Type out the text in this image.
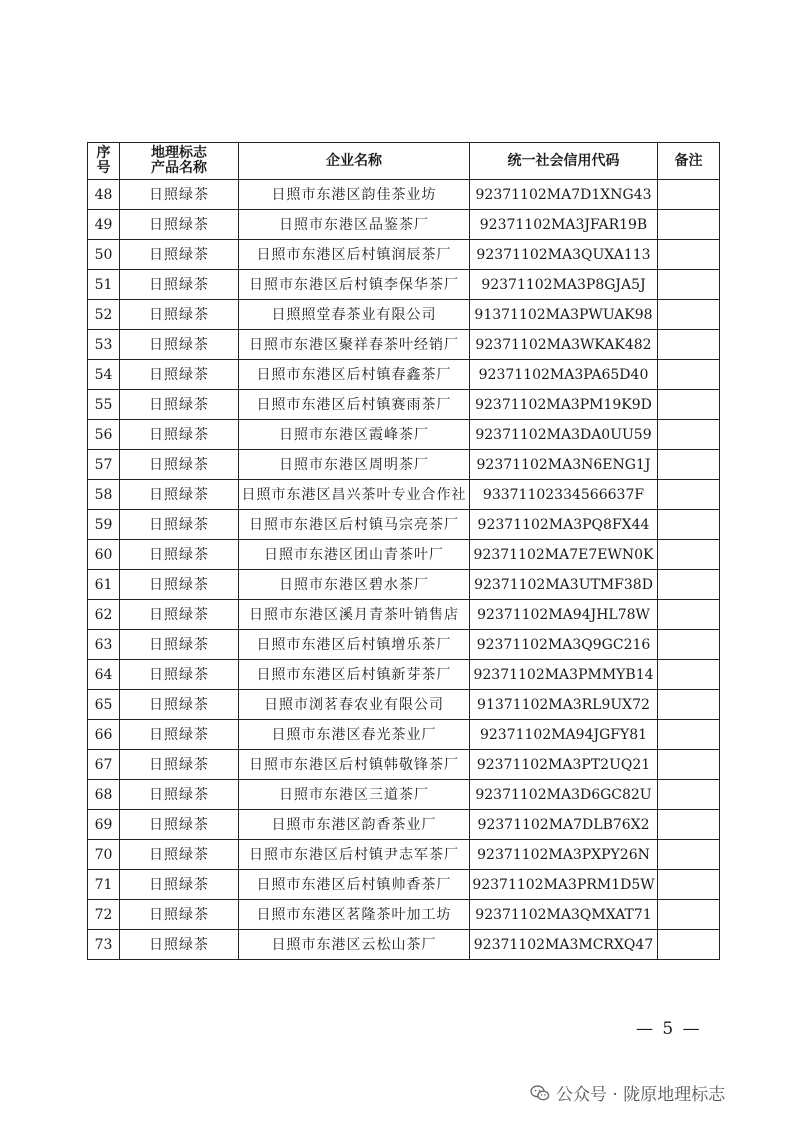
序号	地理标志产品名称	企业名称	统一社会信用代码	备注
48	日照绿茶	日照市东港区韵佳茶业坊	92371102MA7D1XNG43	
49	日照绿茶	日照市东港区品鉴茶厂	92371102MA3JFAR19B	
50	日照绿茶	日照市东港区后村镇润辰茶厂	92371102MA3QUXA113	
51	日照绿茶	日照市东港区后村镇李保华茶厂	92371102MA3P8GJA5J	
52	日照绿茶	日照照堂春茶业有限公司	91371102MA3PWUAK98	
53	日照绿茶	日照市东港区聚祥春茶叶经销厂	92371102MA3WKAK482	
54	日照绿茶	日照市东港区后村镇春鑫茶厂	92371102MA3PA65D40	
55	日照绿茶	日照市东港区后村镇赛雨茶厂	92371102MA3PM19K9D	
56	日照绿茶	日照市东港区霞峰茶厂	92371102MA3DA0UU59	
57	日照绿茶	日照市东港区周明茶厂	92371102MA3N6ENG1J	
58	日照绿茶	日照市东港区昌兴茶叶专业合作社	93371102334566637F	
59	日照绿茶	日照市东港区后村镇马宗亮茶厂	92371102MA3PQ8FX44	
60	日照绿茶	日照市东港区团山青茶叶厂	92371102MA7E7EWN0K	
61	日照绿茶	日照市东港区碧水茶厂	92371102MA3UTMF38D	
62	日照绿茶	日照市东港区溪月青茶叶销售店	92371102MA94JHL78W	
63	日照绿茶	日照市东港区后村镇增乐茶厂	92371102MA3Q9GC216	
64	日照绿茶	日照市东港区后村镇新芽茶厂	92371102MA3PMMYB14	
65	日照绿茶	日照市浏茗春农业有限公司	91371102MA3RL9UX72	
66	日照绿茶	日照市东港区春光茶业厂	92371102MA94JGFY81	
67	日照绿茶	日照市东港区后村镇韩敬锋茶厂	92371102MA3PT2UQ21	
68	日照绿茶	日照市东港区三道茶厂	92371102MA3D6GC82U	
69	日照绿茶	日照市东港区韵香茶业厂	92371102MA7DLB76X2	
70	日照绿茶	日照市东港区后村镇尹志军茶厂	92371102MA3PXPY26N	
71	日照绿茶	日照市东港区后村镇帅香茶厂	92371102MA3PRM1D5W	
72	日照绿茶	日照市东港区茗隆茶叶加工坊	92371102MA3QMXAT71	
73	日照绿茶	日照市东港区云松山茶厂	92371102MA3MCRXQ47	
— 5 —
公众号 · 陇原地理标志
